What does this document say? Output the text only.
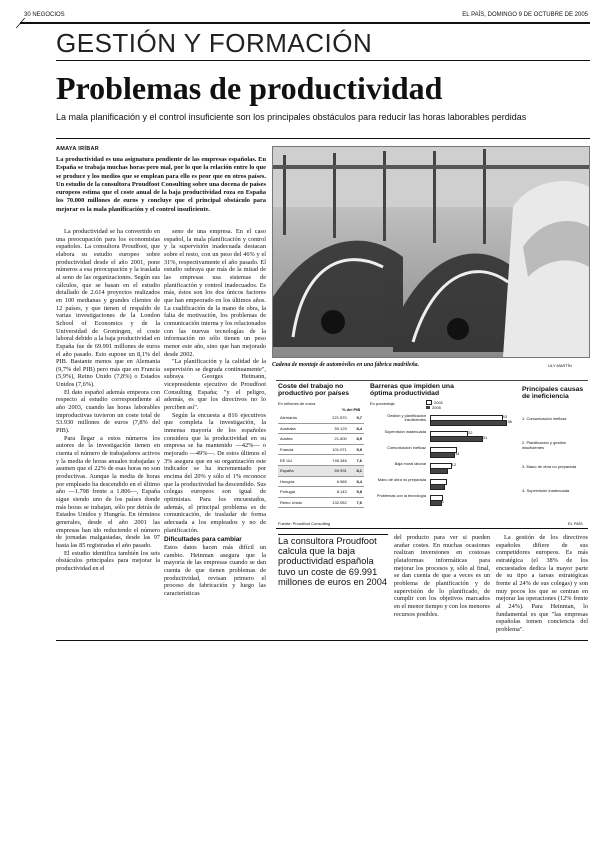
30 NEGOCIOS	EL PAÍS, DOMINGO 9 DE OCTUBRE DE 2005
GESTIÓN Y FORMACIÓN
Problemas de productividad
La mala planificación y el control insuficiente son los principales obstáculos para reducir las horas laborables perdidas
AMAYA IRÍBAR
La productividad es una asignatura pendiente de las empresas españolas. En España se trabaja muchas horas pero mal, por lo que la relación entre lo que se produce y los medios que se emplean para ello es peor que en otros países. Un estudio de la consultora Proudfoot Consulting sobre una docena de países europeos estima que el coste anual de la baja productividad roza en España los 70.000 millones de euros y concluye que el principal obstáculo para mejorar es la mala planificación y el control insuficiente.

La productividad se ha convertido en una preocupación para los economistas españoles. La consultora Proudfoot, que elabora su estudio europeo sobre productividad desde el año 2001, pone números a esa preocupación y la traslada al seno de las organizaciones. Según sus cálculos, que se basan en el estudio detallado de 2.614 proyectos realizados en 100 medianas y grandes clientes de 12 países, y que tienen el respaldo de varias investigaciones de la London School of Economics y de la Universidad de Groningen, el coste laboral debido a la baja productividad en España fue de 69.991 millones de euros el año pasado. Esto supone un 8,1% del PIB. Bastante menos que en Alemania (9,7% del PIB) pero más que en Francia (5,9%), Reino Unido (7,8%) o Estados Unidos (7,6%).

El dato español además empeora con respecto al estudio correspondiente al año 2003, cuando las horas laborables improductivas tuvieron un coste total de 53.930 millones de euros (7,8% del PIB).

Para llegar a estos números los autores de la investigación tienen en cuenta el número de trabajadores activos y la media de horas anuales trabajadas y asumen que el 22% de esas horas no son productivas. Aunque la media de horas por empleado ha descendido en el último año —1.798 frente a 1.806—, España sigue siendo uno de los países donde más horas se trabajan, sólo por detrás de Estados Unidos y Hungría. En términos generales, desde el año 2001 las empresas han ido reduciendo el número de jornadas malgastadas, desde las 97 hasta las 85 registradas el año pasado.

El estudio identifica también los seis obstáculos principales para mejorar la productividad en el

seno de una empresa. En el caso español, la mala planificación y control y la supervisión inadecuada destacan sobre el resto, con un peso del 46% y el 31%, respectivamente el año pasado. El estudio subraya que más de la mitad de las empresas usa sistemas de planificación y control inadecuados. Es más, éstos son los dos únicos factores que han empeorado en los últimos años. La cualificación de la mano de obra, la falta de motivación, los problemas de comunicación interna y los relacionados con las nuevas tecnologías de la información no sólo tienen un peso menor este año, sino que han mejorado desde 2002.

"La planificación y la calidad de la supervisión se degrada continuamente", subraya Georges Heimann, vicepresidente ejecutivo de Proudfoot Consulting España; "y el peligro, además, es que los directivos no lo perciben así".

Según la encuesta a 816 ejecutivos que completa la investigación, la inmensa mayoría de los españoles considera que la productividad en su empresa se ha mantenido —42%— o mejorado —49%—. De estos últimos el 3% asegura que en su organización este indicador se ha incrementado por encima del 20% y sólo el 1% reconoce que la productividad ha descendido. Sus colegas europeos son igual de optimistas. Para los encuestados, además, el principal problema es de comunicación, de trasladar de forma adecuada a los empleados y no de planificación.

Dificultades para cambiar

Estos datos hacen más difícil un cambio. Heinman asegura que la mayoría de las empresas cuando se dan cuenta de que tienen problemas de productividad, revisan primero el proceso de fabricación y luego las características

Cadena de montaje de automóviles en una fábrica madrileña.	ULY MARTÍN
Coste del trabajo no productivo por países
En millones de euros
% del PIB
Alemania	221.570	9,7
Australia	50.123	8,4
Austria	21.600	8,9
Francia	101.071	5,9
EE UU	745.348	7,6
España	69.991	8,1
Hungría	6.965	8,4
Portugal	8.143	5,8
Reino Unido	132.052	7,6
Fuente: Proudfoot Consulting
Barreras que impiden una óptima productividad
En porcentaje	2002
2005
Gestión y planificación insuficientes
43
46
Supervisión inadecuada	22
31
Comunicación ineficaz
14
Baja moral laboral	12
Mano de obra no preparada
Problemas con la tecnología
1
Principales causas de ineficiencia
1. Comunicación ineficaz
2. Planificación y gestión insuficientes
3. Mano de obra no preparada
4. Supervisión inadecuada
EL PAÍS
La consultora Proudfoot calcula que la baja productividad española tuvo un coste de 69.991 millones de euros en 2004

del producto para ver si pueden arañar costes. En muchas ocasiones realizan inversiones en costosas plataformas informáticas para mejorar los procesos y, sólo al final, se dan cuenta de que a veces es un problema de planificación y de supervisión de lo planificado, de cumplir con los objetivos marcados en el menor tiempo y con los menores recursos posibles.

La gestión de los directivos españoles difiere de sus competidores europeos. Es más estratégica (el 38% de los encuestados dedica la mayor parte de su tipo a tareas estratégicas frente al 24% de sus colegas) y son muy pocos los que se centran en mejorar las operaciones (12% frente al 24%). Para Heinman, lo fundamental es que "las empresas españolas tomen conciencia del problema".
